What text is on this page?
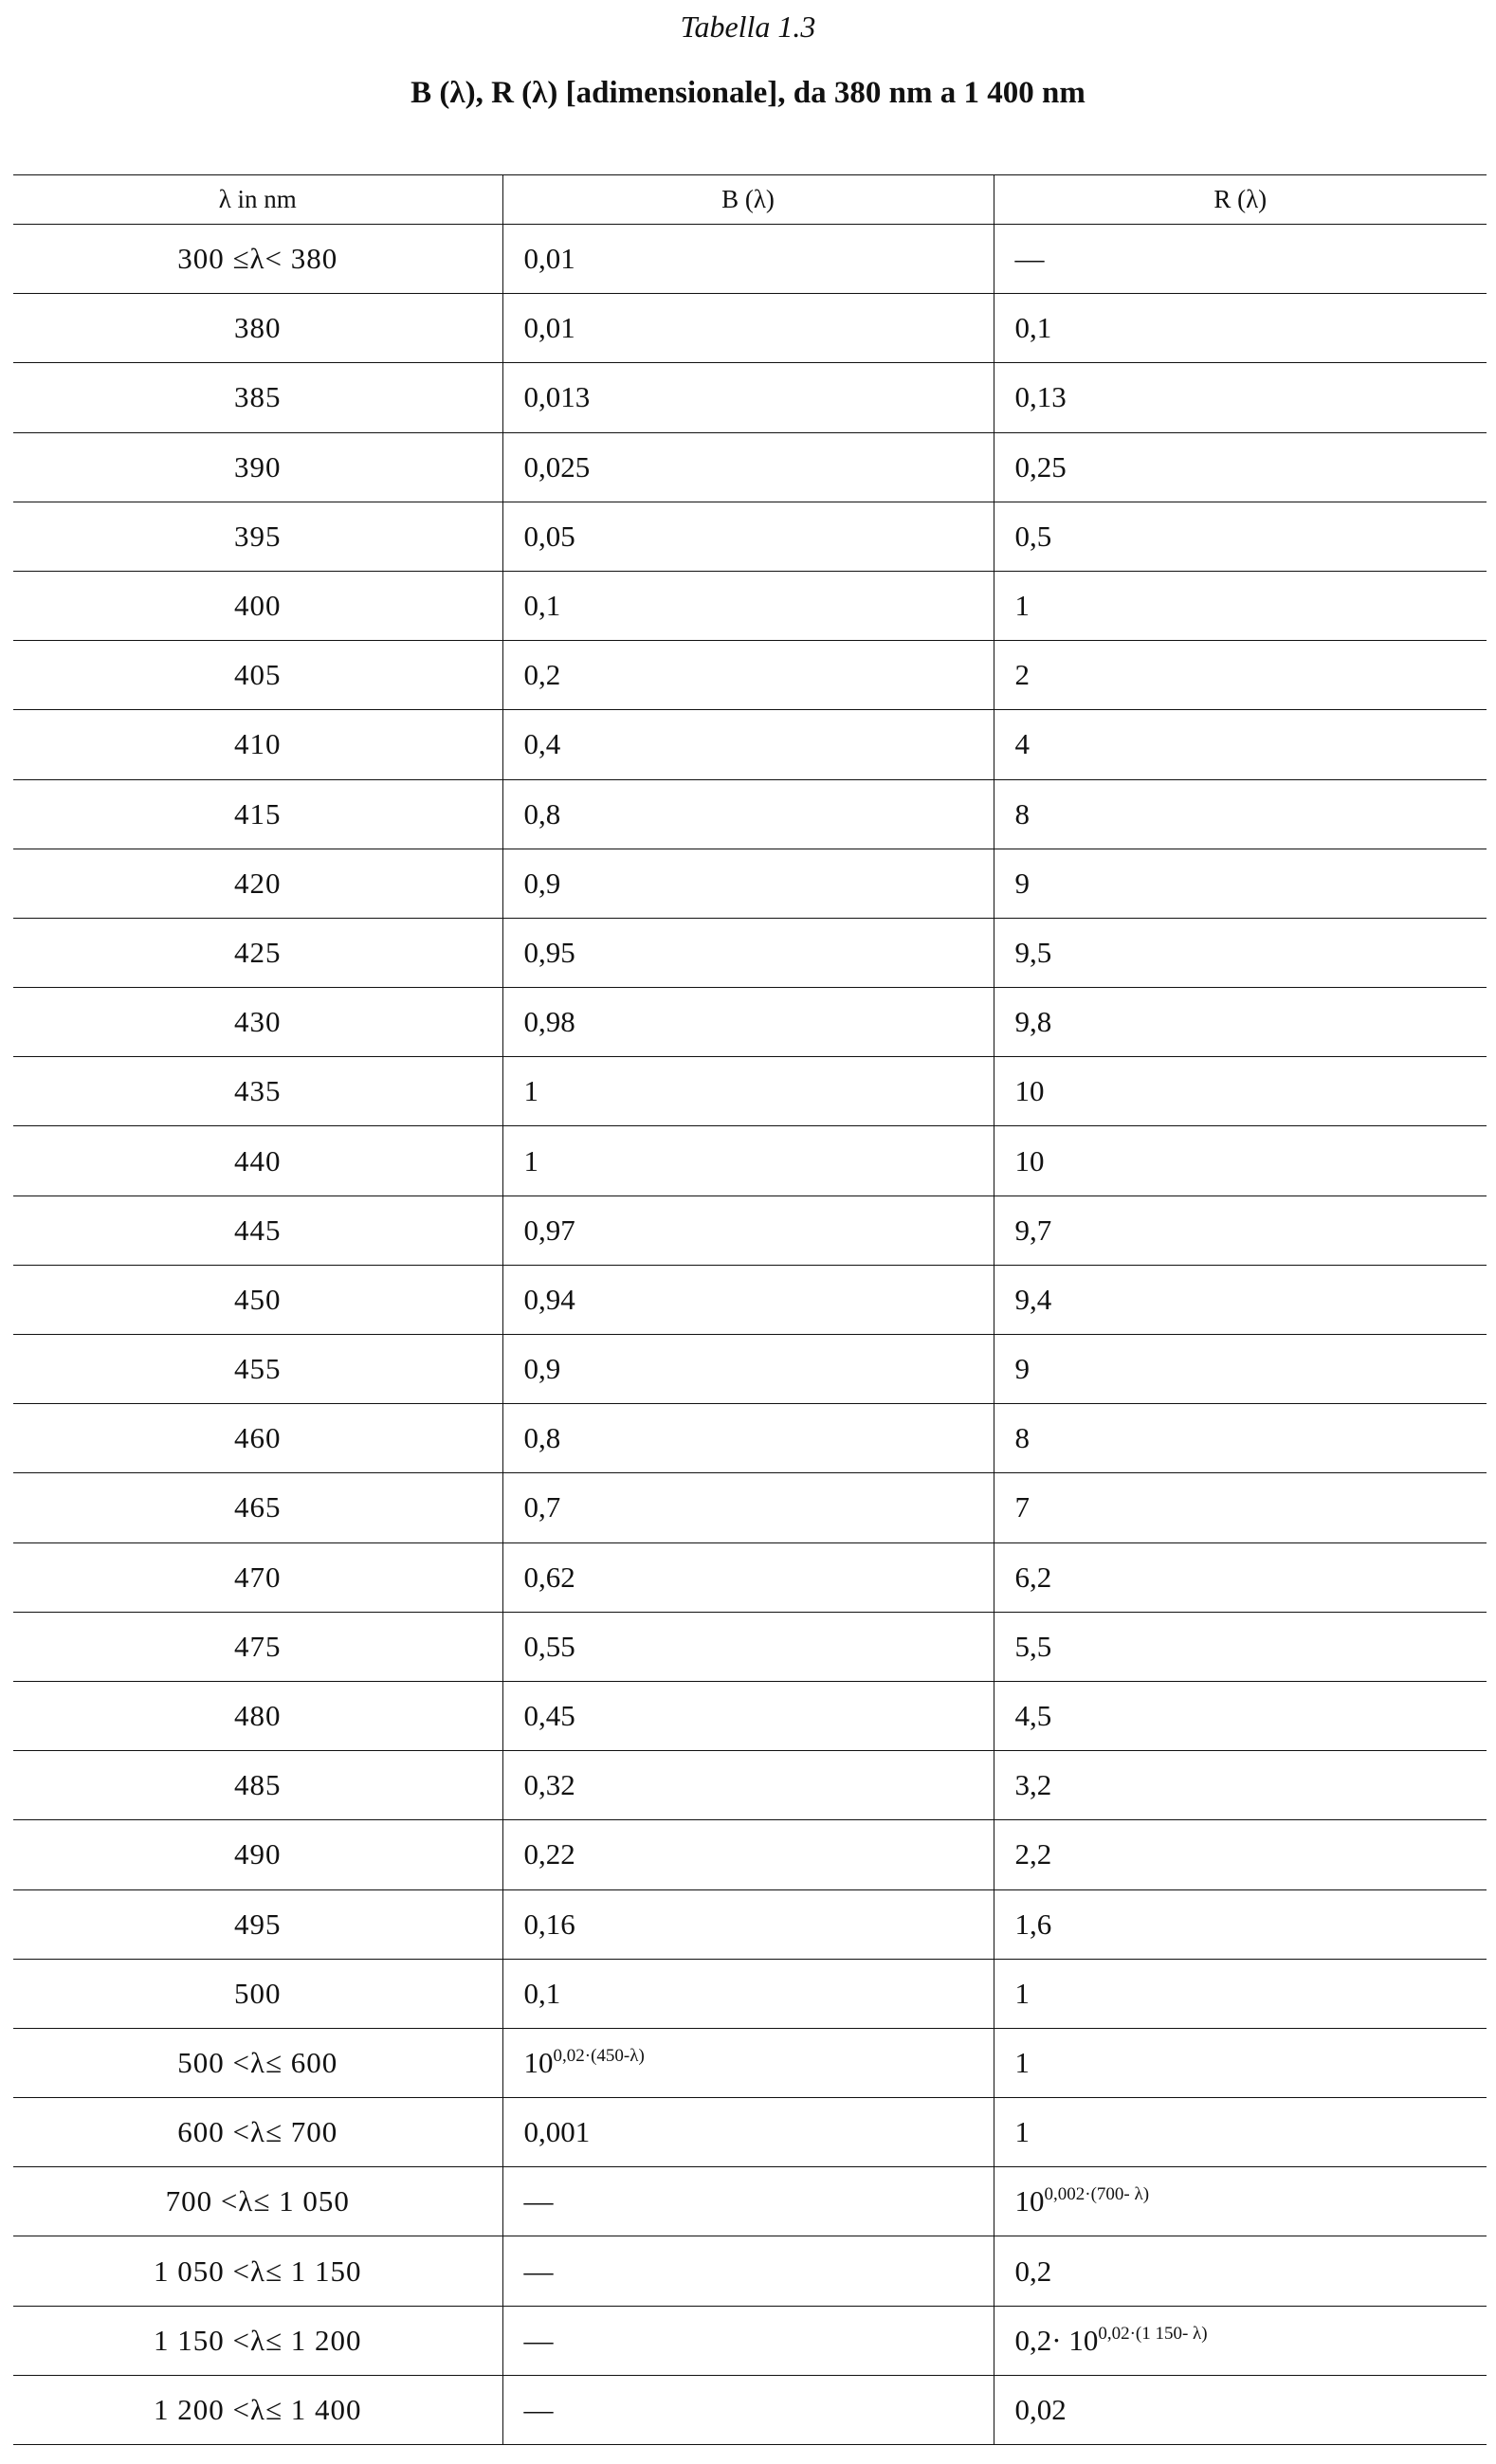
Tabella 1.3
B (λ), R (λ) [adimensionale], da 380 nm a 1 400 nm
λ in nm	B (λ)	R (λ)
300 ≤λ< 380	0,01	—
380	0,01	0,1
385	0,013	0,13
390	0,025	0,25
395	0,05	0,5
400	0,1	1
405	0,2	2
410	0,4	4
415	0,8	8
420	0,9	9
425	0,95	9,5
430	0,98	9,8
435	1	10
440	1	10
445	0,97	9,7
450	0,94	9,4
455	0,9	9
460	0,8	8
465	0,7	7
470	0,62	6,2
475	0,55	5,5
480	0,45	4,5
485	0,32	3,2
490	0,22	2,2
495	0,16	1,6
500	0,1	1
500 <λ≤ 600	$10^{0,02\cdot(450-\lambda)}$	1
600 <λ≤ 700	0,001	1
700 <λ≤ 1 050	—	$10^{0,002\cdot(700- \lambda)}$
1 050 <λ≤ 1 150	—	0,2
1 150 <λ≤ 1 200	—	$0,2\cdot 10^{0,02\cdot(1 150- \lambda)}$
1 200 <λ≤ 1 400	—	0,02
